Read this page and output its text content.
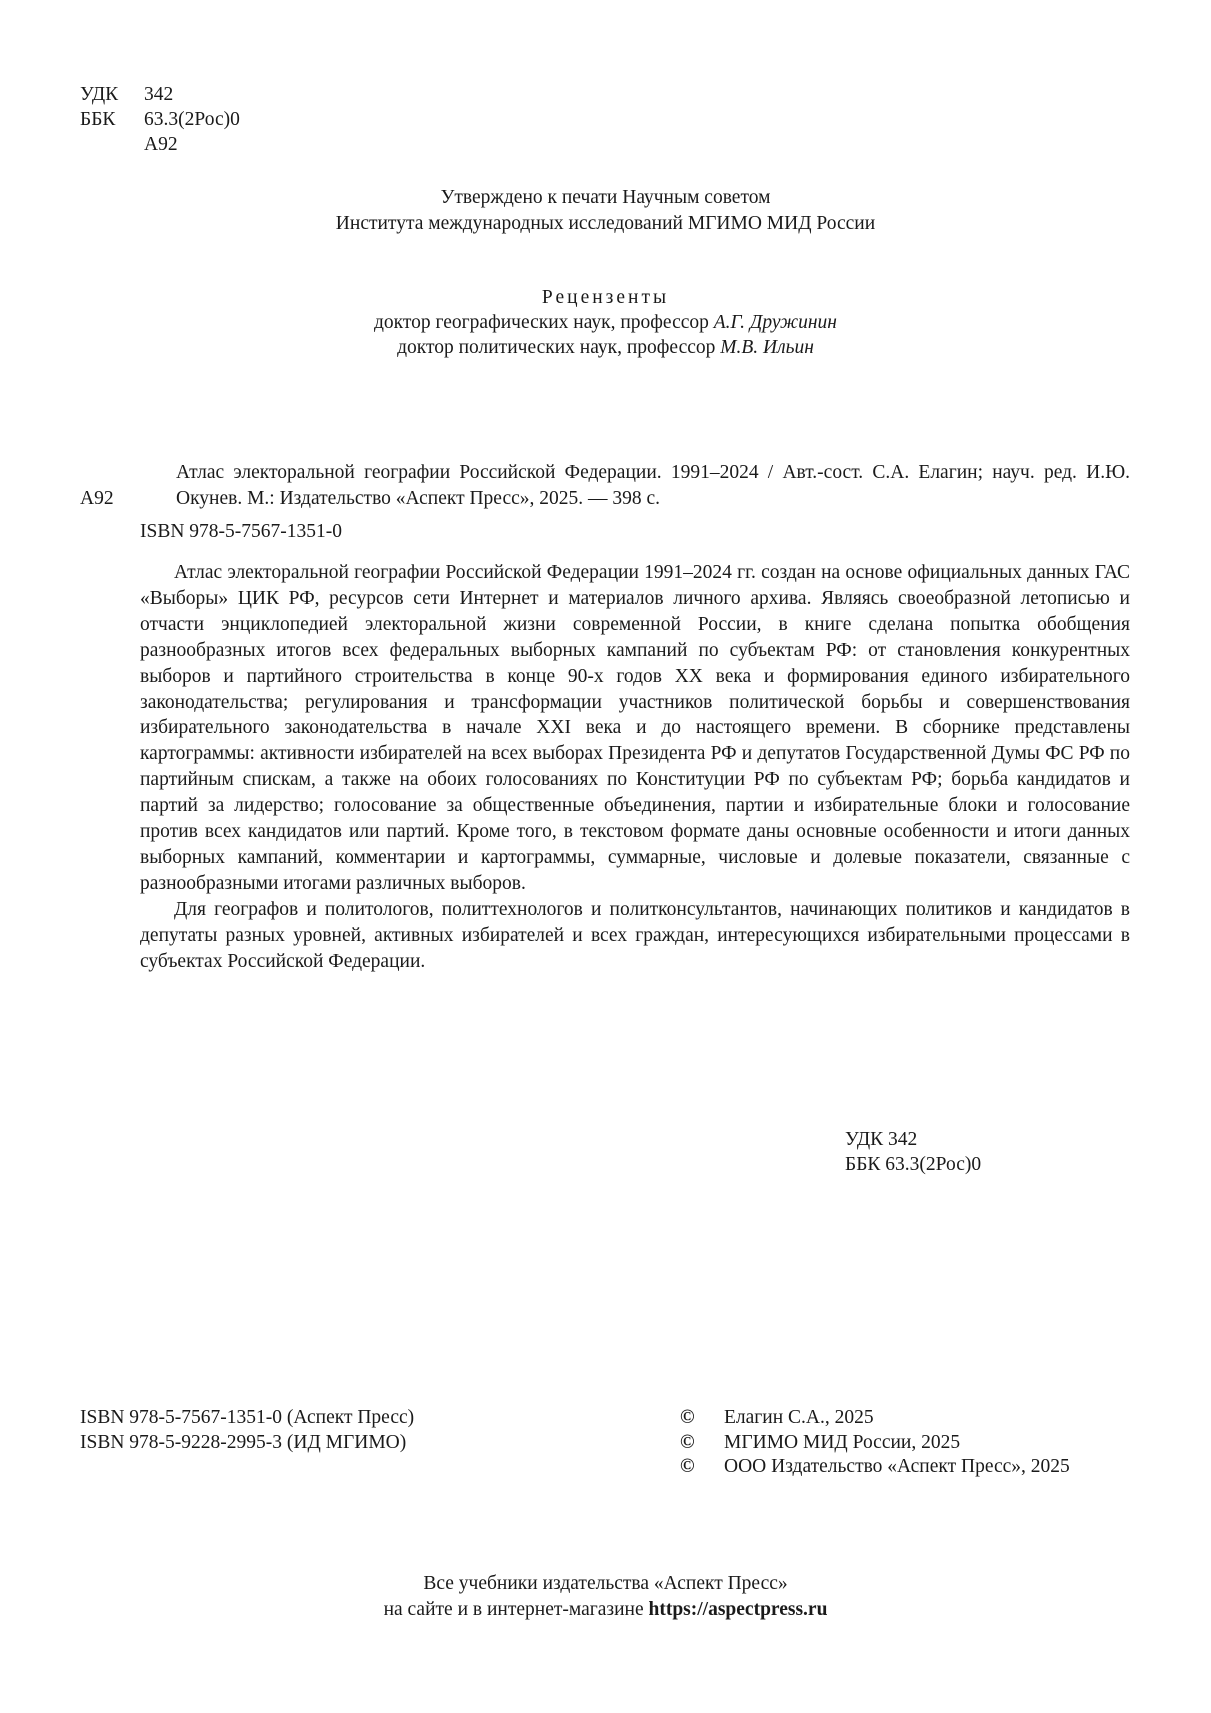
УДК 342
ББК 63.3(2Рос)0
А92
Утверждено к печати Научным советом
Института международных исследований МГИМО МИД России
Рецензенты
доктор географических наук, профессор А.Г. Дружинин
доктор политических наук, профессор М.В. Ильин
А92
Атлас электоральной географии Российской Федерации. 1991–2024 / Авт.-сост. С.А. Елагин; науч. ред. И.Ю. Окунев. М.: Издательство «Аспект Пресс», 2025. — 398 с.
ISBN 978-5-7567-1351-0

Атлас электоральной географии Российской Федерации 1991–2024 гг. создан на основе официальных данных ГАС «Выборы» ЦИК РФ, ресурсов сети Интернет и материалов личного архива. Являясь своеобразной летописью и отчасти энциклопедией электоральной жизни современной России, в книге сделана попытка обобщения разнообразных итогов всех федеральных выборных кампаний по субъектам РФ: от становления конкурентных выборов и партийного строительства в конце 90-х годов XX века и формирования единого избирательного законодательства; регулирования и трансформации участников политической борьбы и совершенствования избирательного законодательства в начале XXI века и до настоящего времени. В сборнике представлены картограммы: активности избирателей на всех выборах Президента РФ и депутатов Государственной Думы ФС РФ по партийным спискам, а также на обоих голосованиях по Конституции РФ по субъектам РФ; борьба кандидатов и партий за лидерство; голосование за общественные объединения, партии и избирательные блоки и голосование против всех кандидатов или партий. Кроме того, в текстовом формате даны основные особенности и итоги данных выборных кампаний, комментарии и картограммы, суммарные, числовые и долевые показатели, связанные с разнообразными итогами различных выборов.

Для географов и политологов, политтехнологов и политконсультантов, начинающих политиков и кандидатов в депутаты разных уровней, активных избирателей и всех граждан, интересующихся избирательными процессами в субъектах Российской Федерации.

УДК 342
ББК 63.3(2Рос)0
ISBN 978-5-7567-1351-0 (Аспект Пресс)
ISBN 978-5-9228-2995-3 (ИД МГИМО)
© Елагин С.А., 2025
© МГИМО МИД России, 2025
© ООО Издательство «Аспект Пресс», 2025
Все учебники издательства «Аспект Пресс»
на сайте и в интернет-магазине https://aspectpress.ru
